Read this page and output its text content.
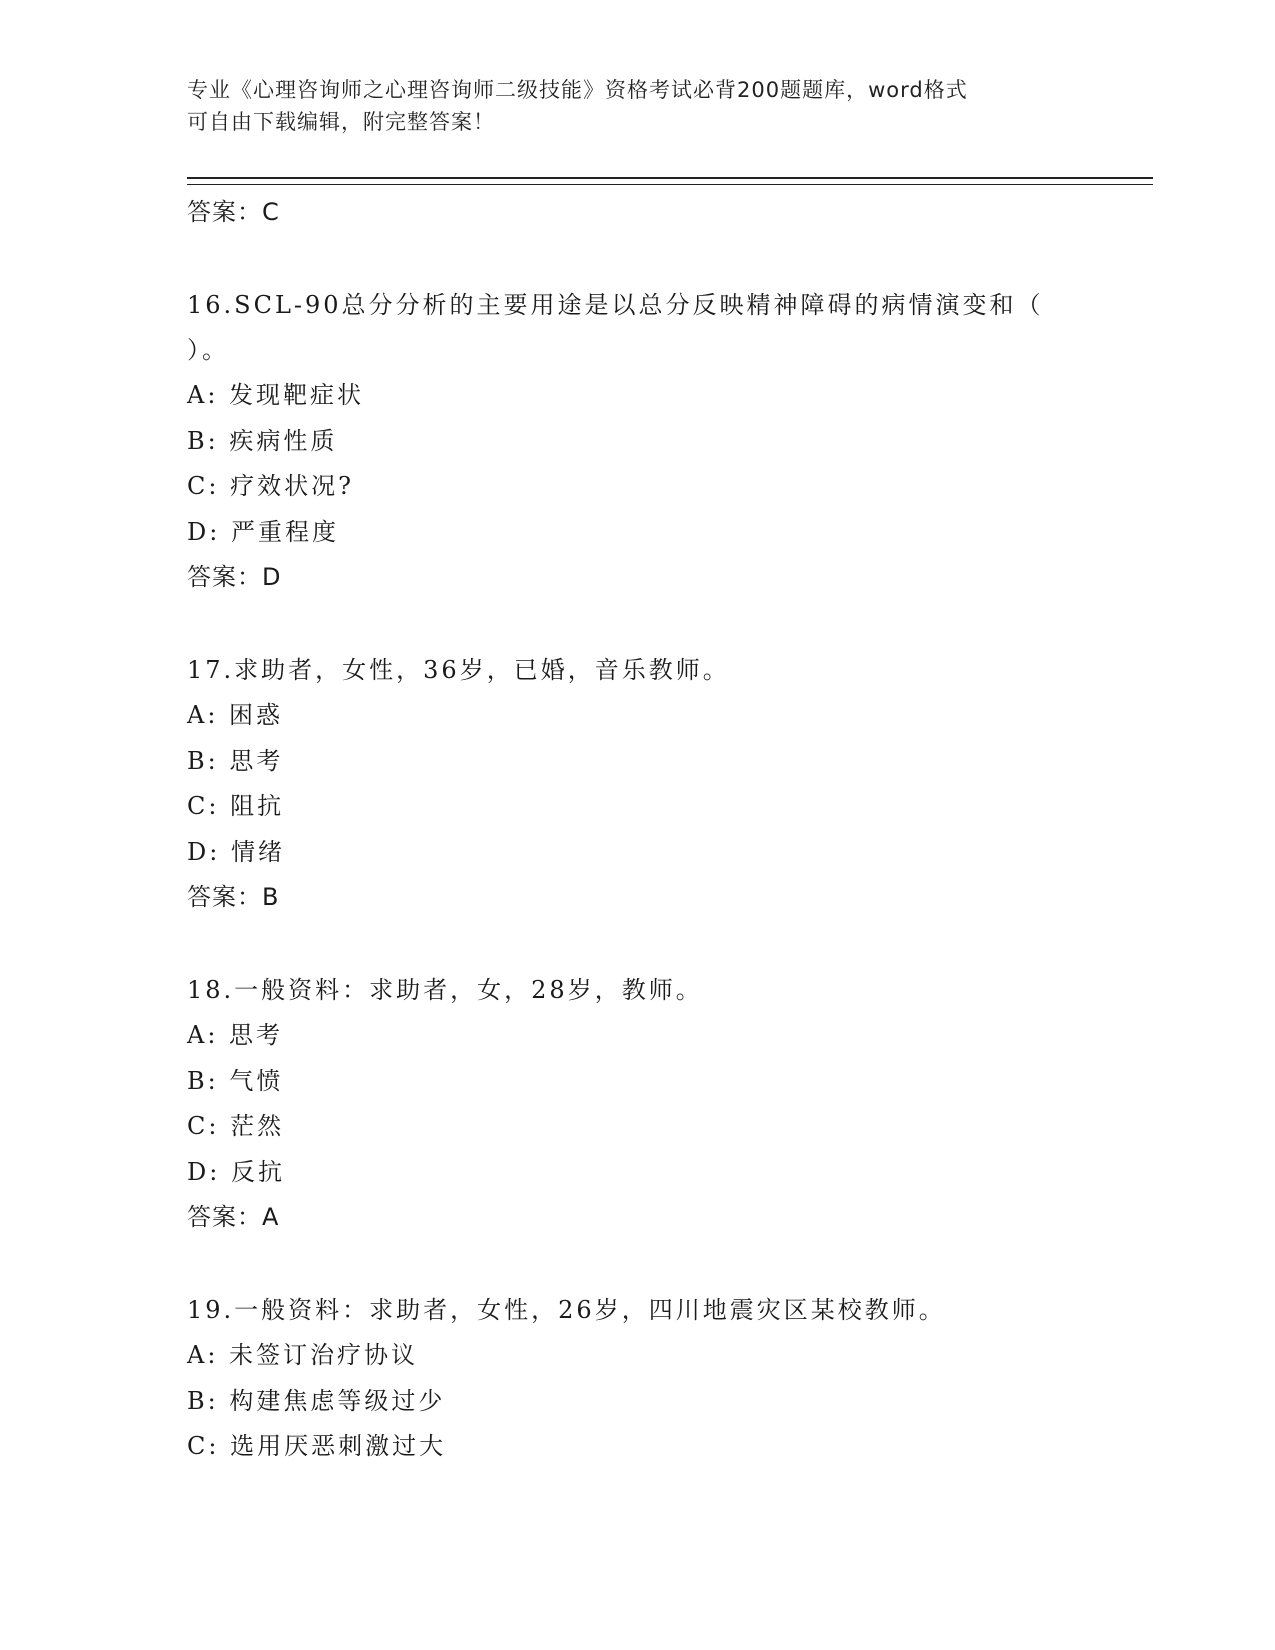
专业《心理咨询师之心理咨询师二级技能》资格考试必背200题题库，word格式
可自由下载编辑，附完整答案！
答案：C
16.SCL-90总分分析的主要用途是以总分反映精神障碍的病情演变和（
）。
A: 发现靶症状
B: 疾病性质
C: 疗效状况?
D: 严重程度
答案：D
17.求助者，女性，36岁，已婚，音乐教师。
A: 困惑
B: 思考
C: 阻抗
D: 情绪
答案：B
18.一般资料：求助者，女，28岁，教师。
A: 思考
B: 气愤
C: 茫然
D: 反抗
答案：A
19.一般资料：求助者，女性，26岁，四川地震灾区某校教师。
A: 未签订治疗协议
B: 构建焦虑等级过少
C: 选用厌恶刺激过大
